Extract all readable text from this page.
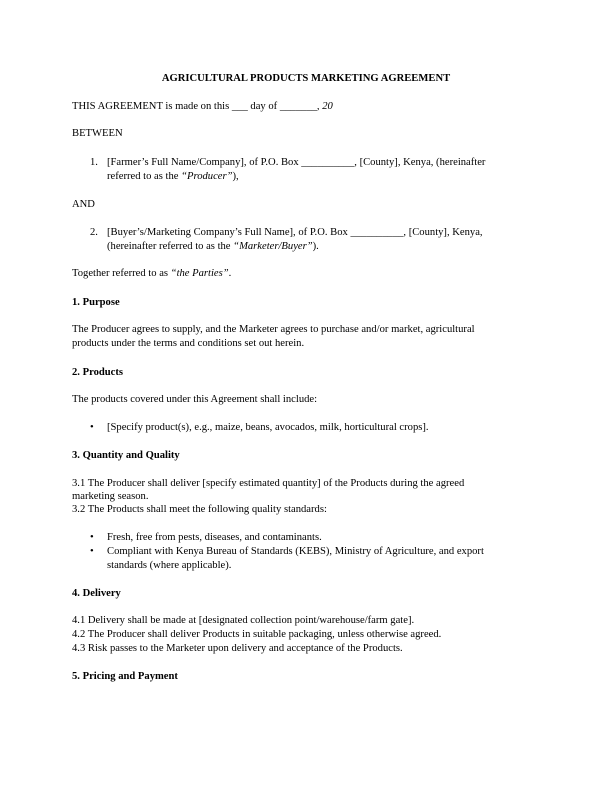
AGRICULTURAL PRODUCTS MARKETING AGREEMENT
THIS AGREEMENT is made on this ___ day of _______, 20
BETWEEN
1. [Farmer’s Full Name/Company], of P.O. Box __________, [County], Kenya, (hereinafter
referred to as the “Producer”),
AND
2. [Buyer’s/Marketing Company’s Full Name], of P.O. Box __________, [County], Kenya,
(hereinafter referred to as the “Marketer/Buyer”).
Together referred to as “the Parties”.
1. Purpose
The Producer agrees to supply, and the Marketer agrees to purchase and/or market, agricultural
products under the terms and conditions set out herein.
2. Products
The products covered under this Agreement shall include:
• [Specify product(s), e.g., maize, beans, avocados, milk, horticultural crops].
3. Quantity and Quality
3.1 The Producer shall deliver [specify estimated quantity] of the Products during the agreed
marketing season.
3.2 The Products shall meet the following quality standards:
• Fresh, free from pests, diseases, and contaminants.
• Compliant with Kenya Bureau of Standards (KEBS), Ministry of Agriculture, and export
standards (where applicable).
4. Delivery
4.1 Delivery shall be made at [designated collection point/warehouse/farm gate].
4.2 The Producer shall deliver Products in suitable packaging, unless otherwise agreed.
4.3 Risk passes to the Marketer upon delivery and acceptance of the Products.
5. Pricing and Payment
